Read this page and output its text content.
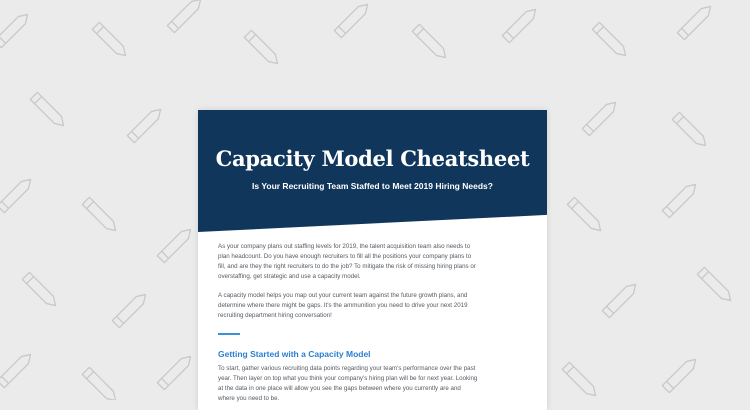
Capacity Model Cheatsheet
Is Your Recruiting Team Staffed to Meet 2019 Hiring Needs?

As your company plans out staffing levels for 2019, the talent acquisition team also needs to plan headcount. Do you have enough recruiters to fill all the positions your company plans to fill, and are they the right recruiters to do the job? To mitigate the risk of missing hiring plans or overstaffing, get strategic and use a capacity model.

A capacity model helps you map out your current team against the future growth plans, and determine where there might be gaps. It's the ammunition you need to drive your next 2019 recruiting department hiring conversation!

Getting Started with a Capacity Model

To start, gather various recruiting data points regarding your team's performance over the past year. Then layer on top what you think your company's hiring plan will be for next year. Looking at the data in one place will allow you see the gaps between where you currently are and where you need to be.
